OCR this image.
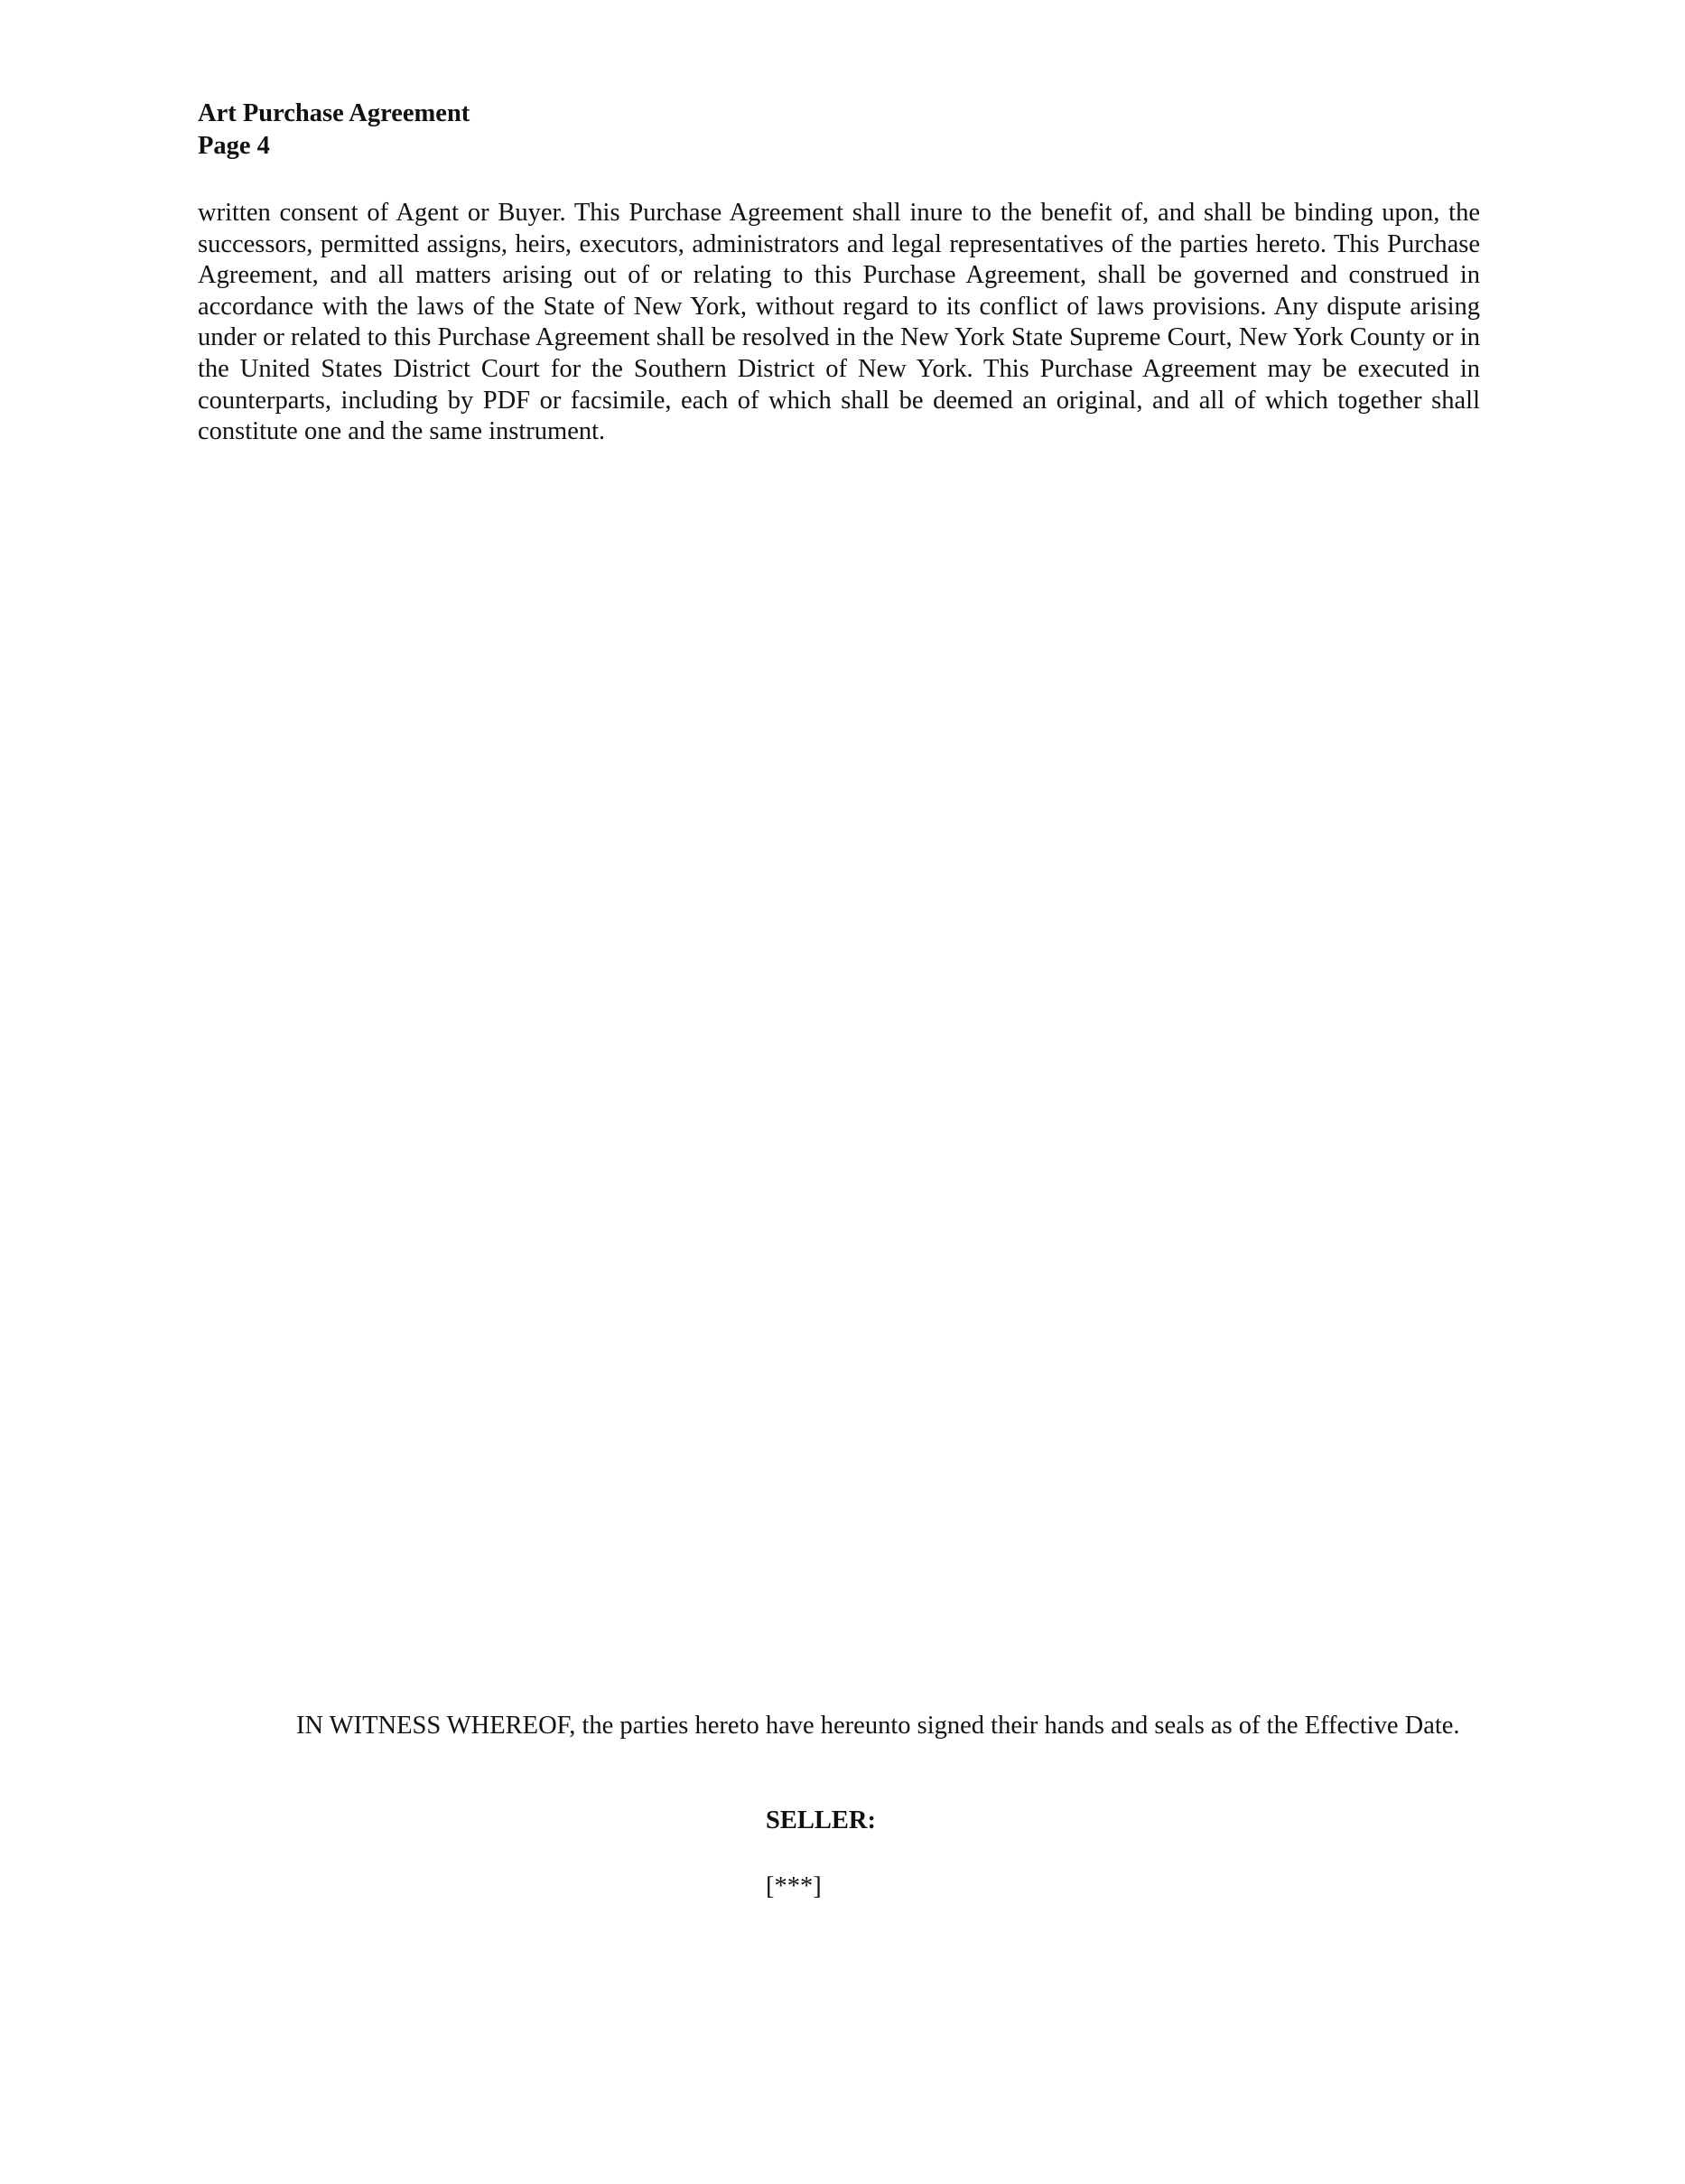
Art Purchase Agreement
Page 4

written consent of Agent or Buyer. This Purchase Agreement shall inure to the benefit of, and shall be binding upon, the successors, permitted assigns, heirs, executors, administrators and legal representatives of the parties hereto. This Purchase Agreement, and all matters arising out of or relating to this Purchase Agreement, shall be governed and construed in accordance with the laws of the State of New York, without regard to its conflict of laws provisions. Any dispute arising under or related to this Purchase Agreement shall be resolved in the New York State Supreme Court, New York County or in the United States District Court for the Southern District of New York. This Purchase Agreement may be executed in counterparts, including by PDF or facsimile, each of which shall be deemed an original, and all of which together shall constitute one and the same instrument.

IN WITNESS WHEREOF, the parties hereto have hereunto signed their hands and seals as of the Effective Date.

SELLER:
[***]
